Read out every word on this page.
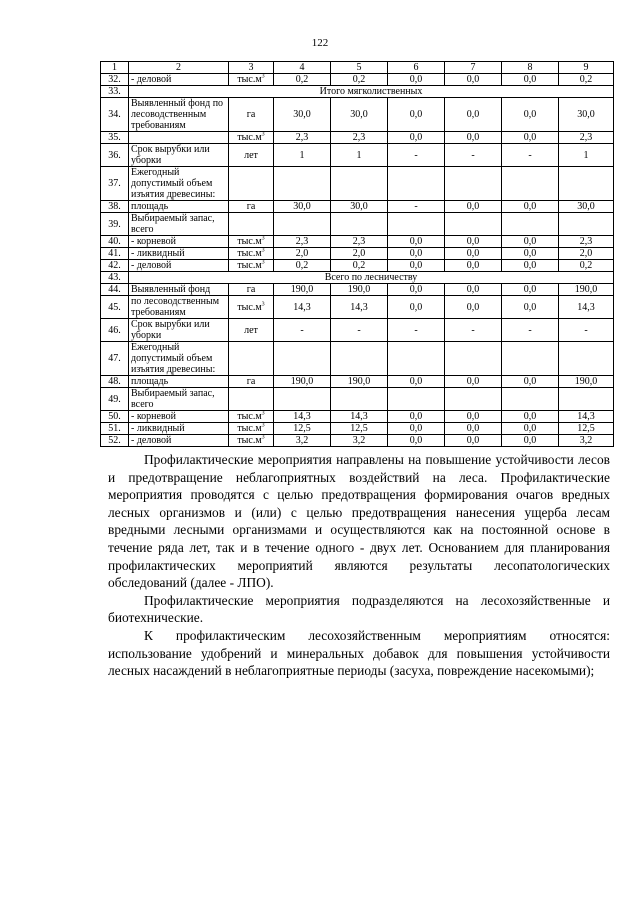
122
1	2	3	4	5	6	7	8	9
32.	- деловой	$тыс.м^3$	0,2	0,2	0,0	0,0	0,0	0,2
33.	Итого мягколиственных							
34.	Выявленный фонд по лесоводственным требованиям	га	30,0	30,0	0,0	0,0	0,0	30,0
35.		$тыс.м^3$	2,3	2,3	0,0	0,0	0,0	2,3
36.	Срок вырубки или уборки	лет	1	1	-	-	-	1
37.	Ежегодный допустимый объем изъятия древесины:							
38.	площадь	га	30,0	30,0	-	0,0	0,0	30,0
39.	Выбираемый запас, всего							
40.	- корневой	$тыс.м^3$	2,3	2,3	0,0	0,0	0,0	2,3
41.	- ликвидный	$тыс.м^3$	2,0	2,0	0,0	0,0	0,0	2,0
42.	- деловой	$тыс.м^3$	0,2	0,2	0,0	0,0	0,0	0,2
43.	Всего по лесничеству							
44.	Выявленный фонд	га	190,0	190,0	0,0	0,0	0,0	190,0
45.	по лесоводственным требованиям	$тыс.м^3$	14,3	14,3	0,0	0,0	0,0	14,3
46.	Срок вырубки или уборки	лет	-	-	-	-	-	-
47.	Ежегодный допустимый объем изъятия древесины:							
48.	площадь	га	190,0	190,0	0,0	0,0	0,0	190,0
49.	Выбираемый запас, всего							
50.	- корневой	$тыс.м^3$	14,3	14,3	0,0	0,0	0,0	14,3
51.	- ликвидный	$тыс.м^3$	12,5	12,5	0,0	0,0	0,0	12,5
52.	- деловой	$тыс.м^3$	3,2	3,2	0,0	0,0	0,0	3,2

Профилактические мероприятия направлены на повышение устойчивости лесов и предотвращение неблагоприятных воздействий на леса. Профилактические мероприятия проводятся с целью предотвращения формирования очагов вредных лесных организмов и (или) с целью предотвращения нанесения ущерба лесам вредными лесными организмами и осуществляются как на постоянной основе в течение ряда лет, так и в течение одного - двух лет. Основанием для планирования профилактических мероприятий являются результаты лесопатологических обследований (далее - ЛПО).

Профилактические мероприятия подразделяются на лесохозяйственные и биотехнические.

К профилактическим лесохозяйственным мероприятиям относятся: использование удобрений и минеральных добавок для повышения устойчивости лесных насаждений в неблагоприятные периоды (засуха, повреждение насекомыми);
